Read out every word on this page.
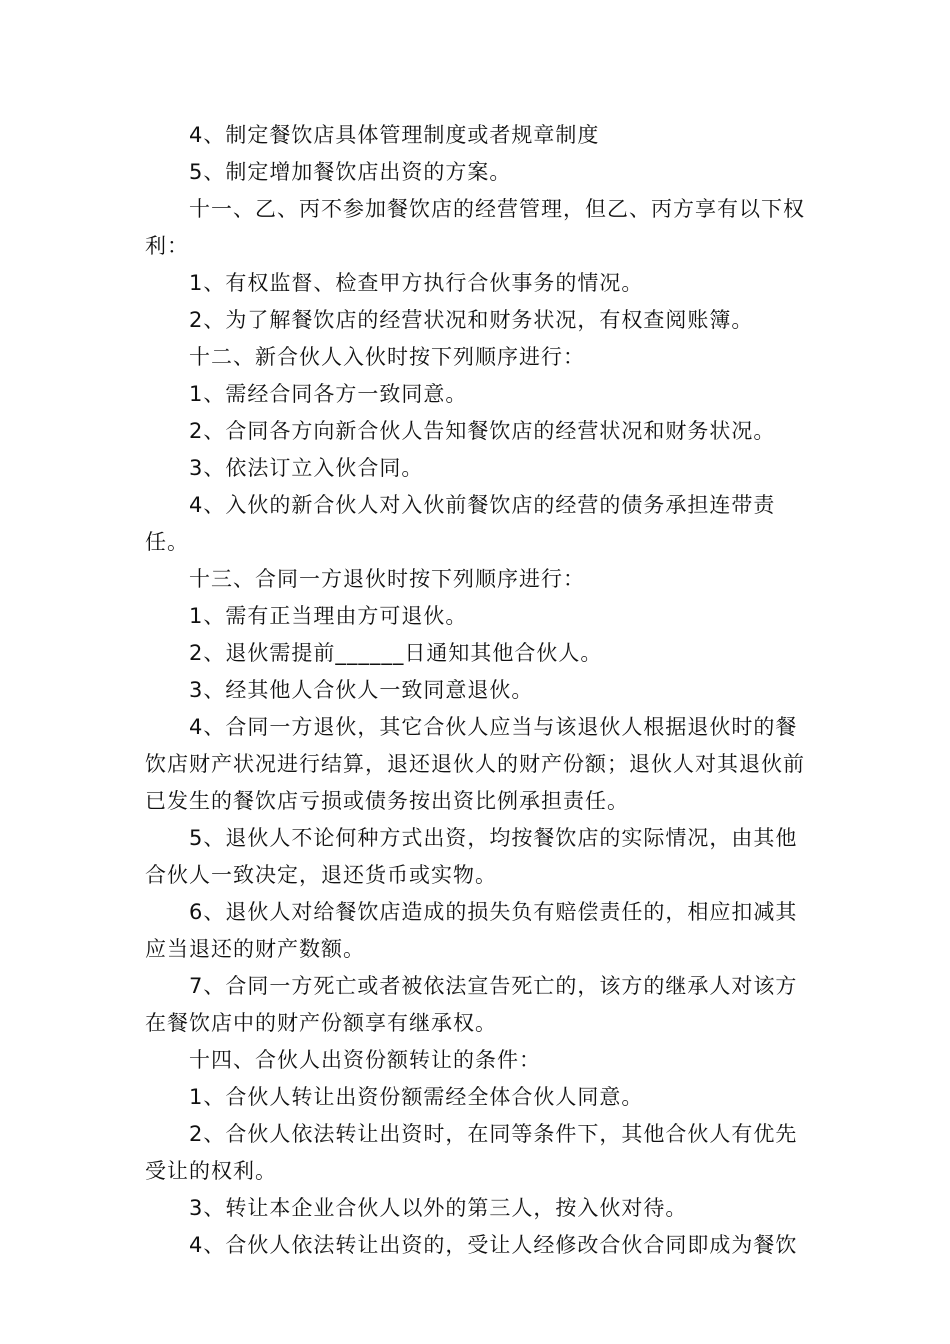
4、制定餐饮店具体管理制度或者规章制度

5、制定增加餐饮店出资的方案。

十一、乙、丙不参加餐饮店的经营管理，但乙、丙方享有以下权利：

1、有权监督、检查甲方执行合伙事务的情况。

2、为了解餐饮店的经营状况和财务状况，有权查阅账簿。

十二、新合伙人入伙时按下列顺序进行：

1、需经合同各方一致同意。

2、合同各方向新合伙人告知餐饮店的经营状况和财务状况。

3、依法订立入伙合同。

4、入伙的新合伙人对入伙前餐饮店的经营的债务承担连带责任。

十三、合同一方退伙时按下列顺序进行：

1、需有正当理由方可退伙。

2、退伙需提前______日通知其他合伙人。

3、经其他人合伙人一致同意退伙。

4、合同一方退伙，其它合伙人应当与该退伙人根据退伙时的餐饮店财产状况进行结算，退还退伙人的财产份额；退伙人对其退伙前已发生的餐饮店亏损或债务按出资比例承担责任。

5、退伙人不论何种方式出资，均按餐饮店的实际情况，由其他合伙人一致决定，退还货币或实物。

6、退伙人对给餐饮店造成的损失负有赔偿责任的，相应扣减其应当退还的财产数额。

7、合同一方死亡或者被依法宣告死亡的，该方的继承人对该方在餐饮店中的财产份额享有继承权。

十四、合伙人出资份额转让的条件：

1、合伙人转让出资份额需经全体合伙人同意。

2、合伙人依法转让出资时，在同等条件下，其他合伙人有优先受让的权利。

3、转让本企业合伙人以外的第三人，按入伙对待。

4、合伙人依法转让出资的，受让人经修改合伙合同即成为餐饮
